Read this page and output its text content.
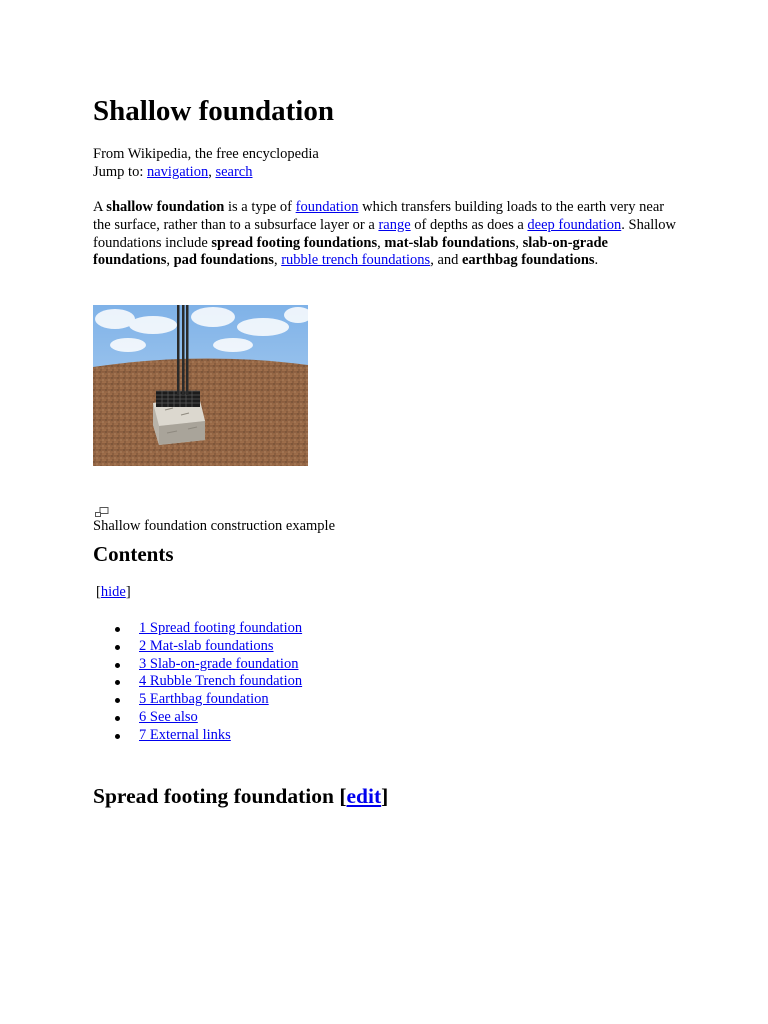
Shallow foundation
From Wikipedia, the free encyclopedia
Jump to: navigation, search

A shallow foundation is a type of foundation which transfers building loads to the earth very near the surface, rather than to a subsurface layer or a range of depths as does a deep foundation. Shallow foundations include spread footing foundations, mat-slab foundations, slab-on-grade foundations, pad foundations, rubble trench foundations, and earthbag foundations.

Shallow foundation construction example
Contents
[hide]
1 Spread footing foundation
2 Mat-slab foundations
3 Slab-on-grade foundation
4 Rubble Trench foundation
5 Earthbag foundation
6 See also
7 External links
Spread footing foundation [edit]
